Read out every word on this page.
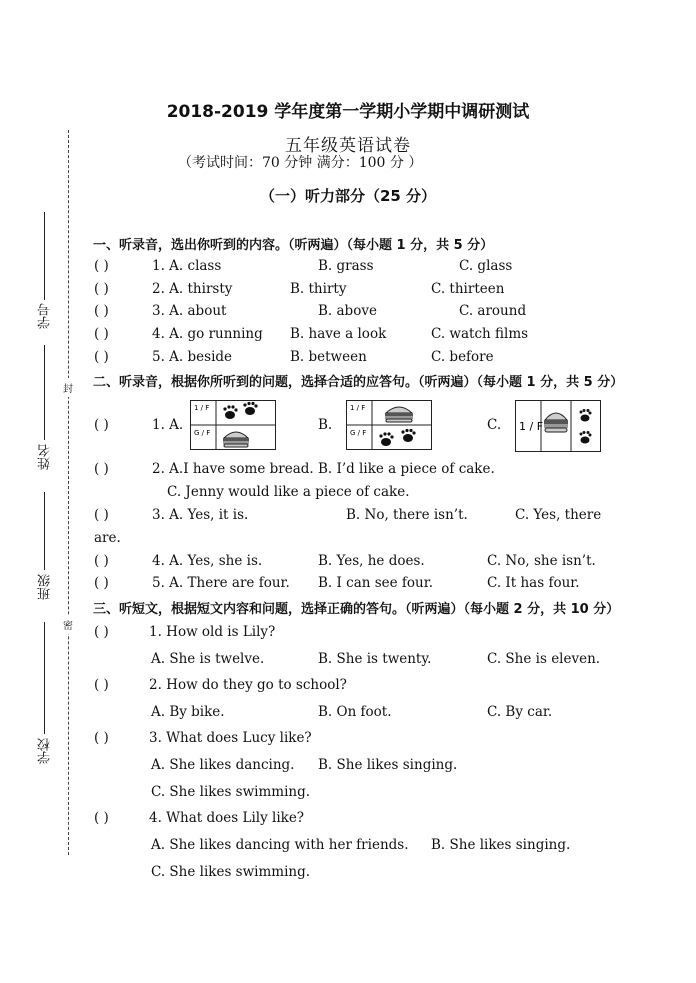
2018-2019 学年度第一学期小学期中调研测试
五年级英语试卷
（考试时间：70 分钟 满分：100 分 ）
（一）听力部分（25 分）
学号
姓名
班级
学校
封
密
一、听录音，选出你听到的内容。（听两遍）（每小题 1 分，共 5 分）
( )	1. A. class	B. grass	C. glass
( )	2. A. thirsty	B. thirty	C. thirteen
( )	3. A. about	B. above	C. around
( )	4. A. go running B. have a look	C. watch films
( )	5. A. beside	B. between	C. before
二、听录音，根据你所听到的问题，选择合适的应答句。（听两遍）（每小题 1 分，共 5 分）
( )	1. A.	B.	C.
1 / F
G / F
1 / F
G / F	1 / F
( )	2. A.I have some bread. B. I’d like a piece of cake.
C. Jenny would like a piece of cake.
( )	3. A. Yes, it is.	B. No, there isn’t.	C. Yes, there
are.
( )	4. A. Yes, she is.	B. Yes, he does.	C. No, she isn’t.
( )	5. A. There are four. B. I can see four.	C. It has four.
三、听短文，根据短文内容和问题，选择正确的答句。（听两遍）（每小题 2 分，共 10 分）
( )	1. How old is Lily?
A. She is twelve.	B. She is twenty.	C. She is eleven.
( )	2. How do they go to school?
A. By bike.	B. On foot.	C. By car.
( )	3. What does Lucy like?
A. She likes dancing. B. She likes singing.
C. She likes swimming.
( )	4. What does Lily like?
A. She likes dancing with her friends. B. She likes singing.
C. She likes swimming.
